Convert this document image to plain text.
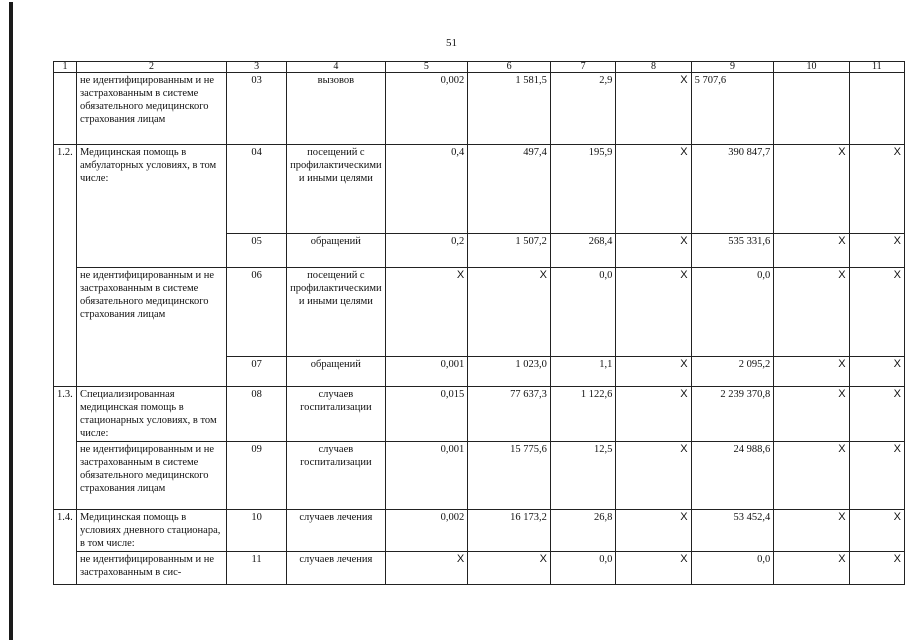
51
1	2	3	4	5	6	7	8	9	10	11
	не идентифицированным и не застрахованным в системе обязательного медицинского страхования лицам	03	вызовов	0,002	1 581,5	2,9	Х	5 707,6		
1.2.	Медицинская помощь в амбулаторных условиях, в том числе:	04	посещений с профилактическими и иными целями	0,4	497,4	195,9	Х	390 847,7	Х	Х
		05	обращений	0,2	1 507,2	268,4	Х	535 331,6	Х	Х
	не идентифицированным и не застрахованным в системе обязательного медицинского страхования лицам	06	посещений с профилактическими и иными целями	Х	Х	0,0	Х	0,0	Х	Х
		07	обращений	0,001	1 023,0	1,1	Х	2 095,2	Х	Х
1.3.	Специализированная медицинская помощь в стационарных условиях, в том числе:	08	случаев госпитализации	0,015	77 637,3	1 122,6	Х	2 239 370,8	Х	Х
	не идентифицированным и не застрахованным в системе обязательного медицинского страхования лицам	09	случаев госпитализации	0,001	15 775,6	12,5	Х	24 988,6	Х	Х
1.4.	Медицинская помощь в условиях дневного стационара, в том числе:	10	случаев лечения	0,002	16 173,2	26,8	Х	53 452,4	Х	Х
	не идентифицированным и не застрахованным в сис-	11	случаев лечения	Х	Х	0,0	Х	0,0	Х	Х
